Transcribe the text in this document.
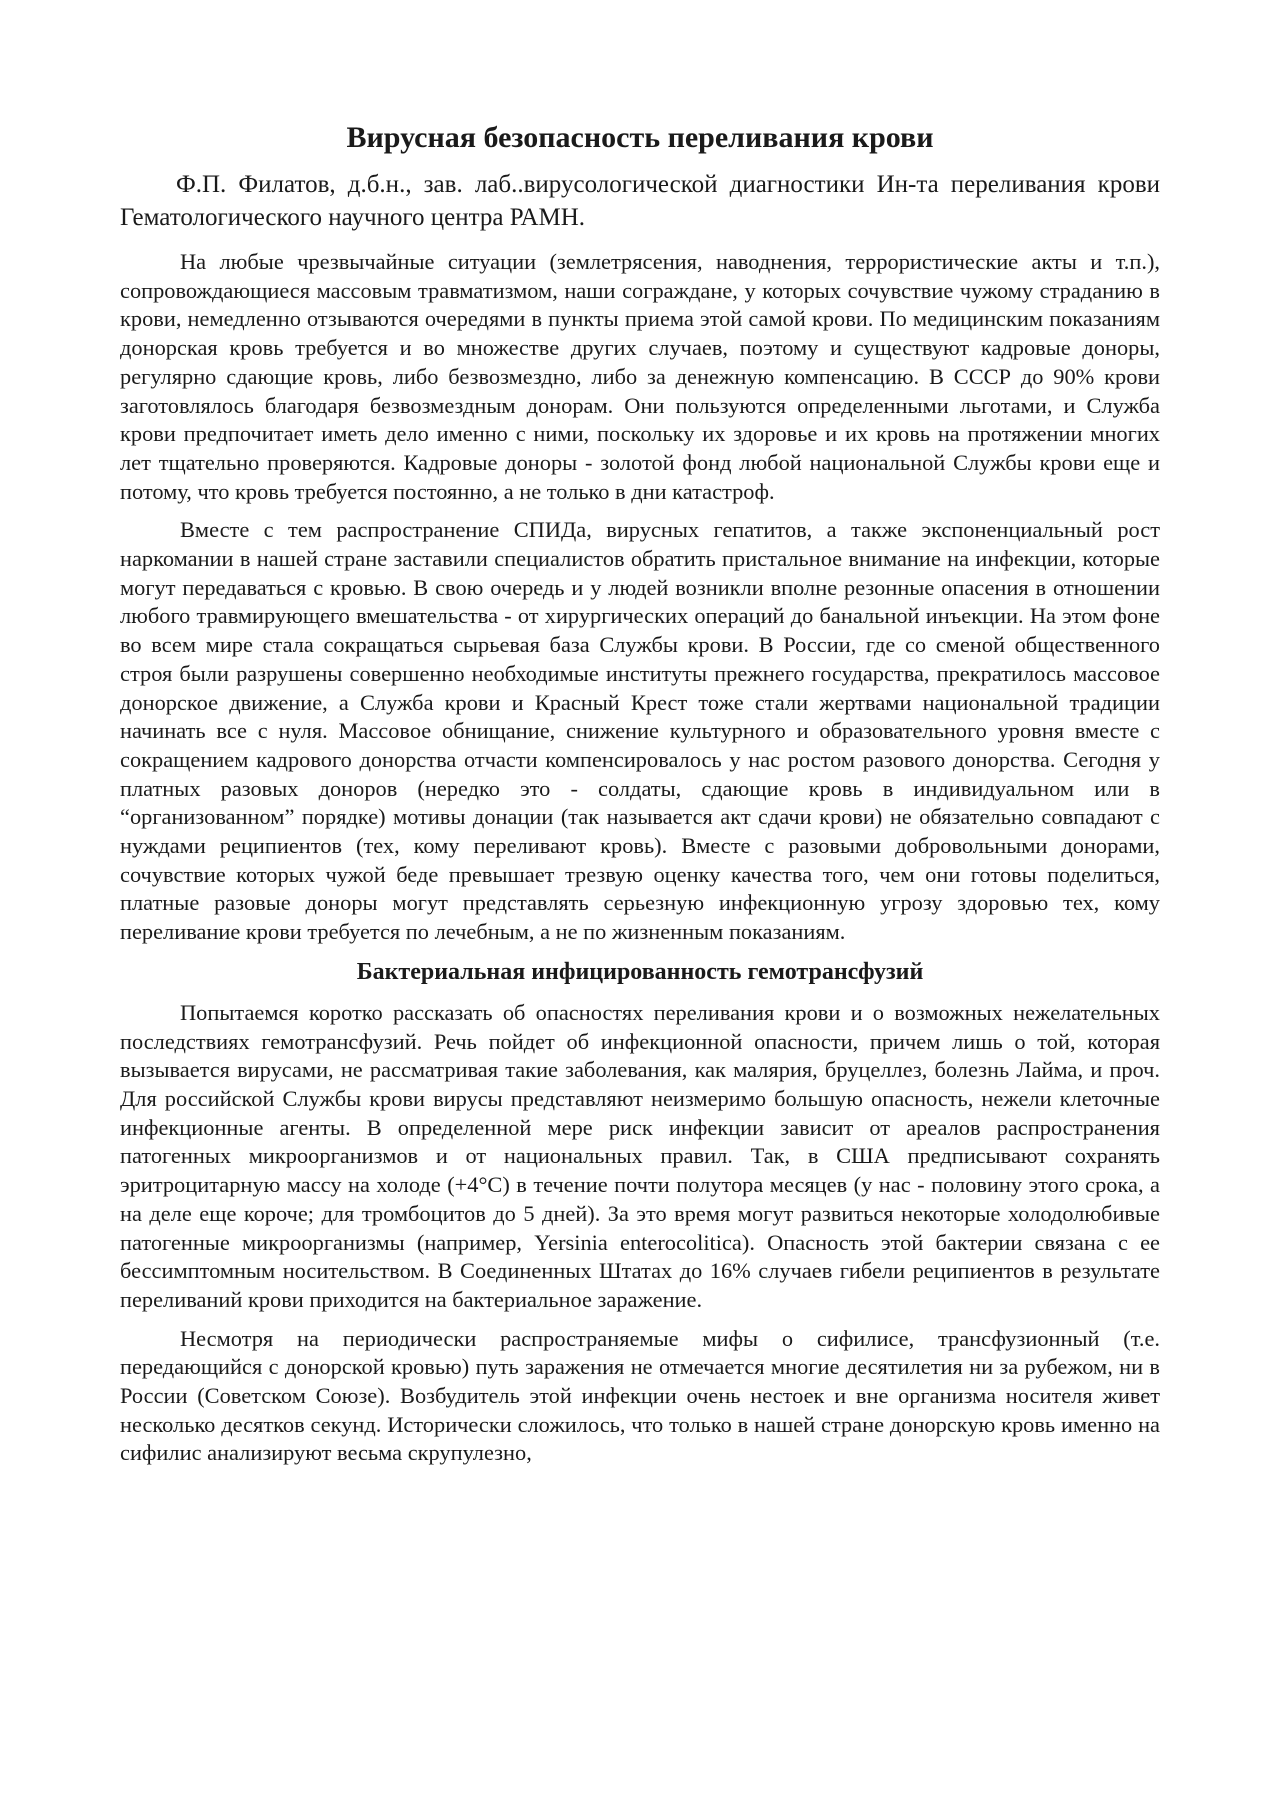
Вирусная безопасность переливания крови

Ф.П. Филатов, д.б.н., зав. лаб..вирусологической диагностики Ин-та переливания крови Гематологического научного центра РАМН.

На любые чрезвычайные ситуации (землетрясения, наводнения, террористические акты и т.п.), сопровождающиеся массовым травматизмом, наши сограждане, у которых сочувствие чужому страданию в крови, немедленно отзываются очередями в пункты приема этой самой крови. По медицинским показаниям донорская кровь требуется и во множестве других случаев, поэтому и существуют кадровые доноры, регулярно сдающие кровь, либо безвозмездно, либо за денежную компенсацию. В СССР до 90% крови заготовлялось благодаря безвозмездным донорам. Они пользуются определенными льготами, и Служба крови предпочитает иметь дело именно с ними, поскольку их здоровье и их кровь на протяжении многих лет тщательно проверяются. Кадровые доноры - золотой фонд любой национальной Службы крови еще и потому, что кровь требуется постоянно, а не только в дни катастроф.

Вместе с тем распространение СПИДа, вирусных гепатитов, а также экспоненциальный рост наркомании в нашей стране заставили специалистов обратить пристальное внимание на инфекции, которые могут передаваться с кровью. В свою очередь и у людей возникли вполне резонные опасения в отношении любого травмирующего вмешательства - от хирургических операций до банальной инъекции. На этом фоне во всем мире стала сокращаться сырьевая база Службы крови. В России, где со сменой общественного строя были разрушены совершенно необходимые институты прежнего государства, прекратилось массовое донорское движение, а Служба крови и Красный Крест тоже стали жертвами национальной традиции начинать все с нуля. Массовое обнищание, снижение культурного и образовательного уровня вместе с сокращением кадрового донорства отчасти компенсировалось у нас ростом разового донорства. Сегодня у платных разовых доноров (нередко это - солдаты, сдающие кровь в индивидуальном или в “организованном” порядке) мотивы донации (так называется акт сдачи крови) не обязательно совпадают с нуждами реципиентов (тех, кому переливают кровь). Вместе с разовыми добровольными донорами, сочувствие которых чужой беде превышает трезвую оценку качества того, чем они готовы поделиться, платные разовые доноры могут представлять серьезную инфекционную угрозу здоровью тех, кому переливание крови требуется по лечебным, а не по жизненным показаниям.

Бактериальная инфицированность гемотрансфузий

Попытаемся коротко рассказать об опасностях переливания крови и о возможных нежелательных последствиях гемотрансфузий. Речь пойдет об инфекционной опасности, причем лишь о той, которая вызывается вирусами, не рассматривая такие заболевания, как малярия, бруцеллез, болезнь Лайма, и проч. Для российской Службы крови вирусы представляют неизмеримо большую опасность, нежели клеточные инфекционные агенты. В определенной мере риск инфекции зависит от ареалов распространения патогенных микроорганизмов и от национальных правил. Так, в США предписывают сохранять эритроцитарную массу на холоде (+4°С) в течение почти полутора месяцев (у нас - половину этого срока, а на деле еще короче; для тромбоцитов до 5 дней). За это время могут развиться некоторые холодолюбивые патогенные микроорганизмы (например, Yersinia enterocolitica). Опасность этой бактерии связана с ее бессимптомным носительством. В Соединенных Штатах до 16% случаев гибели реципиентов в результате переливаний крови приходится на бактериальное заражение.

Несмотря на периодически распространяемые мифы о сифилисе, трансфузионный (т.е. передающийся с донорской кровью) путь заражения не отмечается многие десятилетия ни за рубежом, ни в России (Советском Союзе). Возбудитель этой инфекции очень нестоек и вне организма носителя живет несколько десятков секунд. Исторически сложилось, что только в нашей стране донорскую кровь именно на сифилис анализируют весьма скрупулезно,
